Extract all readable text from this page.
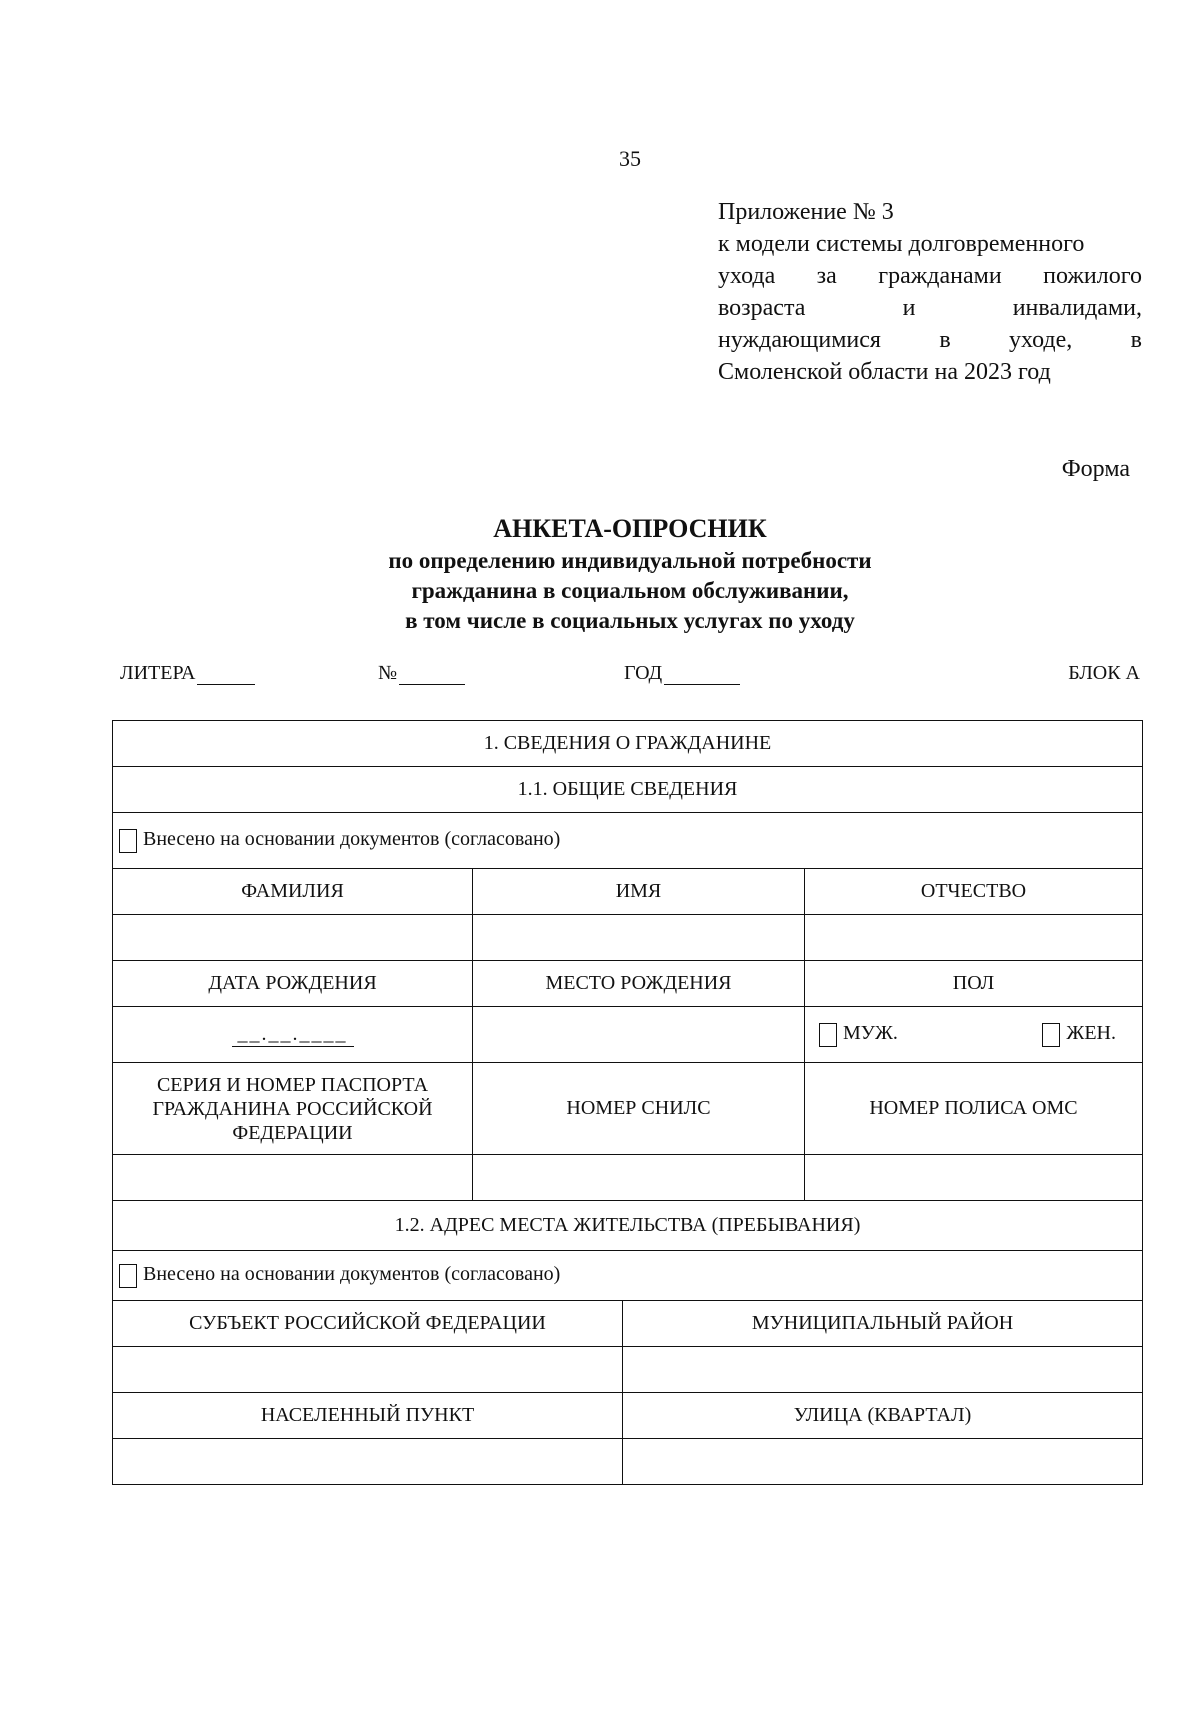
35
Приложение № 3
к модели системы долговременного
ухода за гражданами пожилого
возраста	и	инвалидами,
нуждающимися в уходе, в
Смоленской области на 2023 год
Форма
АНКЕТА-ОПРОСНИК
по определению индивидуальной потребности
гражданина в социальном обслуживании,
в том числе в социальных услугах по уходу
ЛИТЕРА	№	ГОД	БЛОК А
1. СВЕДЕНИЯ О ГРАЖДАНИНЕ			
1.1. ОБЩИЕ СВЕДЕНИЯ			
Внесено на основании документов (согласовано)			
ФАМИЛИЯ	ИМЯ		ОТЧЕСТВО

ДАТА РОЖДЕНИЯ	МЕСТО РОЖДЕНИЯ		ПОЛ
__.__.____			МУЖ. ЖЕН.

СЕРИЯ И НОМЕР ПАСПОРТА ГРАЖДАНИНА РОССИЙСКОЙ ФЕДЕРАЦИИ	НОМЕР СНИЛС		НОМЕР ПОЛИСА ОМС

1.2. АДРЕС МЕСТА ЖИТЕЛЬСТВА (ПРЕБЫВАНИЯ)			
Внесено на основании документов (согласовано)			
СУБЪЕКТ РОССИЙСКОЙ ФЕДЕРАЦИИ		МУНИЦИПАЛЬНЫЙ РАЙОН	

НАСЕЛЕННЫЙ ПУНКТ		УЛИЦА (КВАРТАЛ)	
